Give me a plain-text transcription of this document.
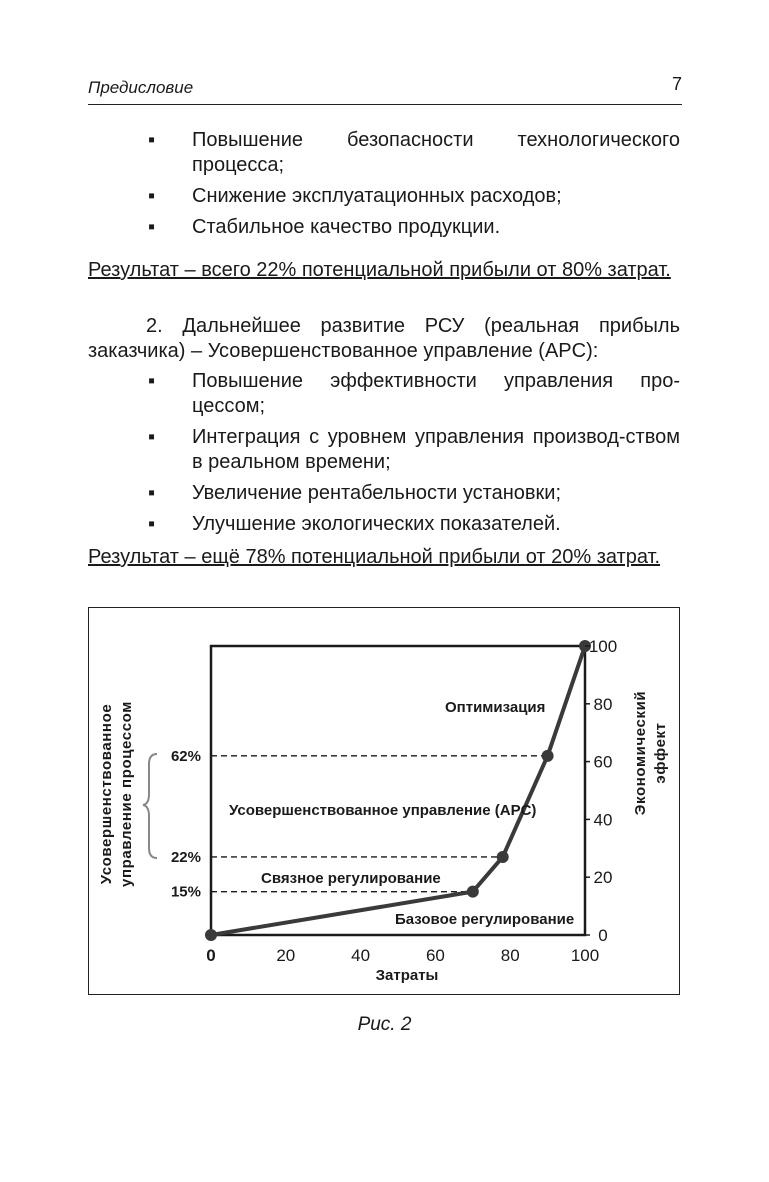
Предисловие	7
▪ Повышение безопасности технологического процесса;
▪ Снижение эксплуатационных расходов;
▪ Стабильное качество продукции.

Результат – всего 22% потенциальной прибыли от 80% затрат.

2. Дальнейшее развитие РСУ (реальная прибыль заказчика) – Усовершенствованное управление (APC):

▪ Повышение эффективности управления про-цессом;
▪ Интеграция с уровнем управления производ-ством в реальном времени;
▪ Увеличение рентабельности установки;
▪ Улучшение экологических показателей.

Результат – ещё 78% потенциальной прибыли от 20% затрат.

62%
22%
15%
0	20	40	60	80	100
0
20
40
60
80
100
Оптимизация
Усовершенствованное управление (APC)
Связное регулирование
Базовое регулирование
Затраты
Экономический эффект
Усовершенствованное управление процессом
Рис. 2
